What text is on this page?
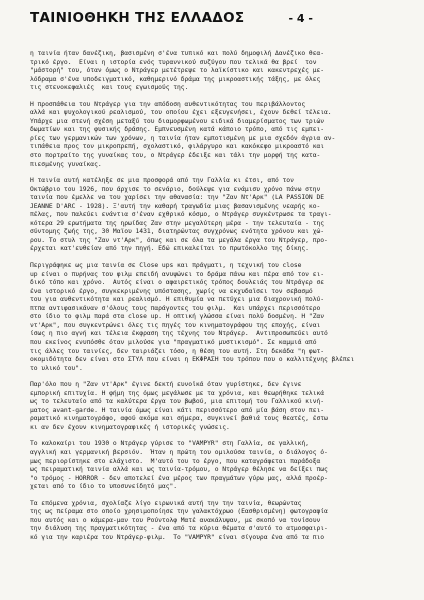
ΤΑΙΝΙΟΘΗΚΗ ΤΗΣ ΕΛΛΑΔΟΣ	- 4 -
η ταινία ήταν δανέζικη, βασισμένη σ'ένα τυπικό και πολύ δημοφιλή Δανέζικο θεα-
τρικό έργο.  Είναι η ιστορία ενός τυραννικού συζύγου που τελικά θα βρεί  τον
"μάστορή" του, όταν όμως ο Ντράγερ μετέτρεψε το λαϊκίστικο και κακεντρεχές με-
λόδραμα σ'ένα υποδειγματικό, καθημερινό δράμα της μικροαστικής τάξης, με όλες
τις στενοκεφαλιές  και τους εγωισμούς της.
Η προσπάθεια του Ντράγερ για την απόδοση αυθεντικότητας του περιβάλλοντος
αλλά και ψυχολογικού ρεαλισμού, του οποίου έχει εξευγενήσει, έχουν δεθεί τέλεια.
Υπάρχε μια στενή σχέση μεταξύ του διαμορφωμένου ειδικά διαμερίσματος των τριών
δωματίων και της φυσικής δράσης. Εμπνευσμένη κατά κάποιο τρόπο, από τις εμπει-
ρίες των γερμανικών των χρόνων, η ταινία ήταν εμποτισμένη με μια σχεδόν άγρια αν-
τιπάθεια προς τον μικροπρεπή, σχολαστικό, φιλάργυρο και κακόκεφο μικροαστό και
στο πορτραίτο της γυναίκας του, ο Ντράγερ έδειξε και τάλι την μορφή της κατα-
πιεσμένης γυναίκας.
Η ταινία αυτή κατέληξε σε μια προσφορά από την Γαλλία κι έτσι, από τον
Οκτώβριο του 1926, που άρχισε το σενάριο, δούλεψε για ενάμισυ χρόνο πάνω στην
ταινία που έμελλε να του χαρίσει την αθανασία: την "Ζαν Ντ'Αρκ" (LA PASSION DE
JEANNE D'ARC - 1928). Ξ'αυτή την καθαρή τραγωδία μιας βασανισμένης νεαρής κο-
πέλας, που παλεύει ενάντια σ'έναν εχθρικό κόσμο, ο Ντράγερ συγκέντρωσε τα τραγι-
κότερα 29 ερωτήματα της ηρωίδας Ζαν στην μεγαλύτερη μέρα - την τελευταία - της
σύντομης ζωής της, 30 Μαΐου 1431, διατηρώντας συγχρόνως ενότητα χρόνου και χώ-
ρου. Το στυλ της "Ζαν ντ'Αρκ", όπως και σε όλα τα μεγάλα έργα του Ντράγερ, προ-
έρχεται κατ'ευθείαν από την πηγή. Εδώ επικαλείται το πρωτόκολλο της δίκης.
Περιγράφηκε ως μια ταινία σε Close ups και πράγματι, η τεχνική του close
up είναι ο πυρήνας του φιλμ επειδή ανυψώνει το δράμα πάνω και πέρα από τον ει-
δικό τόπο και χρόνο.  Αυτός είναι ο αφαιρετικός τρόπος δουλειάς του Ντράγερ σε
ένα ιστορικό έργο, συγκεκριμένης υπόστασης, χωρίς να εκχυδαΐσει τον σεβασμό
του για αυθεντικότητα και ρεαλισμό. Η επιθυμία να πετύχει μια διαχρονική πολύ-
πτπα αντιφασικάναν σ'όλους τους παράγοντες του φιλμ.  Και υπάρχει περισσότερο
στο ίδιο το φιλμ παρά στα close up. Η οπτική γλώσσα είναι πολύ δοσμένη. Η "Ζαν
ντ'Αρκ", που συγκεντρώνει όλες τις πηγές του κινηματογράφου της εποχής, είναι
ίσως η πιο αγνή και τέλεια έκφραση της τέχνης του Ντράγερ.  Αντιπροσωπεύει αυτό
που εκείνος ενυπόσθε όταν μιλούσε για "πραγματικό μυστικισμό". Σε καμμιά από
τις άλλες του ταινίες, δεν ταιριάζει τόσο, η θέση του αυτή. Στη δεκάδα "η φωτ-
οκομιδότητα δεν είναι στο ΣΤΥΛ που είναι η ΕΚΦΡΑΣΗ του τρόπου που ο καλλιτέχνης βλέπει
το υλικό του".
Παρ'όλο που η "Ζαν ντ'Αρκ" έγινε δεκτή ευνοϊκά όταν γυρίστηκε, δεν έγινε
εμπορική επιτυχία. Η φήμη της όμως μεγάλωσε με τα χρόνια, και θεωρήθηκε τελικά
ως το τελευταίο από τα καλύτερα έργα του βωβού, μια επιτομή του Γαλλικού κινή-
ματος avant-garde. Η ταινία όμως είναι κάτι περισσότερο από μία βάση στον πει-
ραματικό κινηματογράφο, αφού ακόμα και σήμερα, συγκινεί βαθιά τους θεατές, έστω
κι αν δεν έχουν κινηματογραφικές ή ιστορικές γνώσεις.
Το καλοκαίρι του 1930 ο Ντράγερ γύρισε το "VAMPYR" στη Γαλλία, σε γαλλική,
αγγλική και γερμανική βερσιόν.  Ήταν η πρώτη του ομιλούσα ταινία, ο διάλογος ό-
μως περιορίστηκε στο ελάχιστο.  Μ'αυτό του το έργο, που καταγράφεται παράδοξα
ως πειραματική ταινία αλλά και ως ταινία-τρόμου, ο Ντράγερ θέλησε να δείξει πως
"ο τρόμος - HORROR - δεν αποτελεί ένα μέρος των πραγμάτων γύρω μας, αλλά προέρ-
χεται από το ίδιο το υποσυνείδητό μας".
Τα επόμενα χρόνια, σχολίαζε λίγο ειρωνικά αυτή την την ταινία, θεωρώντας
της ως πείραμα στο οποίο χρησιμοποίησε την γαλακτόχρωο (Εασθρισμένη) φωτογραφία
που αυτός και ο κάμερα-μαν του Ρούντολφ Ματέ ανακάλυψαν, με σκοπό να τονίσουν
την διάλυση της πραγματικότητας - ένα από τα κύρια θέματα σ'αυτό το ατμοσφαιρι-
κό για την καριέρα του Ντράγερ-φιλμ.  Το "VAMPYR" είναι σίγουρα ένα από τα πιο
